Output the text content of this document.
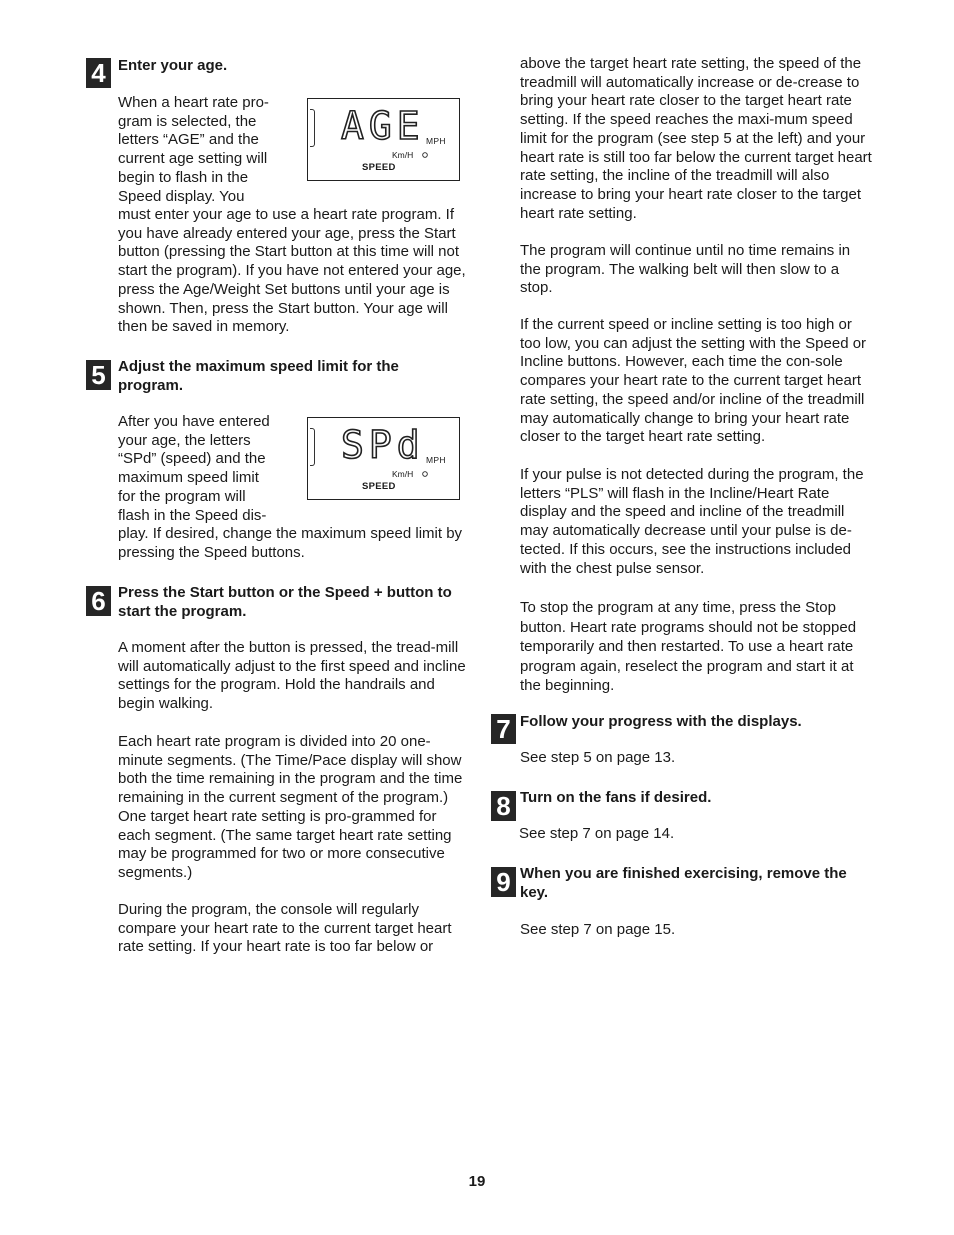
4 Enter your age.

When a heart rate pro-
gram is selected, the
letters “AGE” and the
current age setting will
begin to flash in the
Speed display. You
AGE MPH
Km/H
SPEED

must enter your age to use a heart rate program. If you have already entered your age, press the Start button (pressing the Start button at this time will not start the program). If you have not entered your age, press the Age/Weight Set buttons until your age is shown. Then, press the Start button. Your age will then be saved in memory.

5 Adjust the maximum speed limit for the
program.
After you have entered
your age, the letters
“SPd” (speed) and the
maximum speed limit
for the program will
flash in the Speed dis-
SPd MPH
Km/H
SPEED

play. If desired, change the maximum speed limit by pressing the Speed buttons.

6 Press the Start button or the Speed + button to
start the program.

A moment after the button is pressed, the tread-mill will automatically adjust to the first speed and incline settings for the program. Hold the handrails and begin walking.

Each heart rate program is divided into 20 one-minute segments. (The Time/Pace display will show both the time remaining in the program and the time remaining in the current segment of the program.) One target heart rate setting is pro-grammed for each segment. (The same target heart rate setting may be programmed for two or more consecutive segments.)

During the program, the console will regularly compare your heart rate to the current target heart rate setting. If your heart rate is too far below or

above the target heart rate setting, the speed of the treadmill will automatically increase or de-crease to bring your heart rate closer to the target heart rate setting. If the speed reaches the maxi-mum speed limit for the program (see step 5 at the left) and your heart rate is still too far below the current target heart rate setting, the incline of the treadmill will also increase to bring your heart rate closer to the target heart rate setting.

The program will continue until no time remains in the program. The walking belt will then slow to a stop.

If the current speed or incline setting is too high or too low, you can adjust the setting with the Speed or Incline buttons. However, each time the con-sole compares your heart rate to the current target heart rate setting, the speed and/or incline of the treadmill may automatically change to bring your heart rate closer to the target heart rate setting.

If your pulse is not detected during the program, the letters “PLS” will flash in the Incline/Heart Rate display and the speed and incline of the treadmill may automatically decrease until your pulse is de-tected. If this occurs, see the instructions included with the chest pulse sensor.

To stop the program at any time, press the Stop button. Heart rate programs should not be stopped temporarily and then restarted. To use a heart rate program again, reselect the program and start it at the beginning.

7 Follow your progress with the displays.

See step 5 on page 13.

8 Turn on the fans if desired.

See step 7 on page 14.

9 When you are finished exercising, remove the
key.

See step 7 on page 15.

19
